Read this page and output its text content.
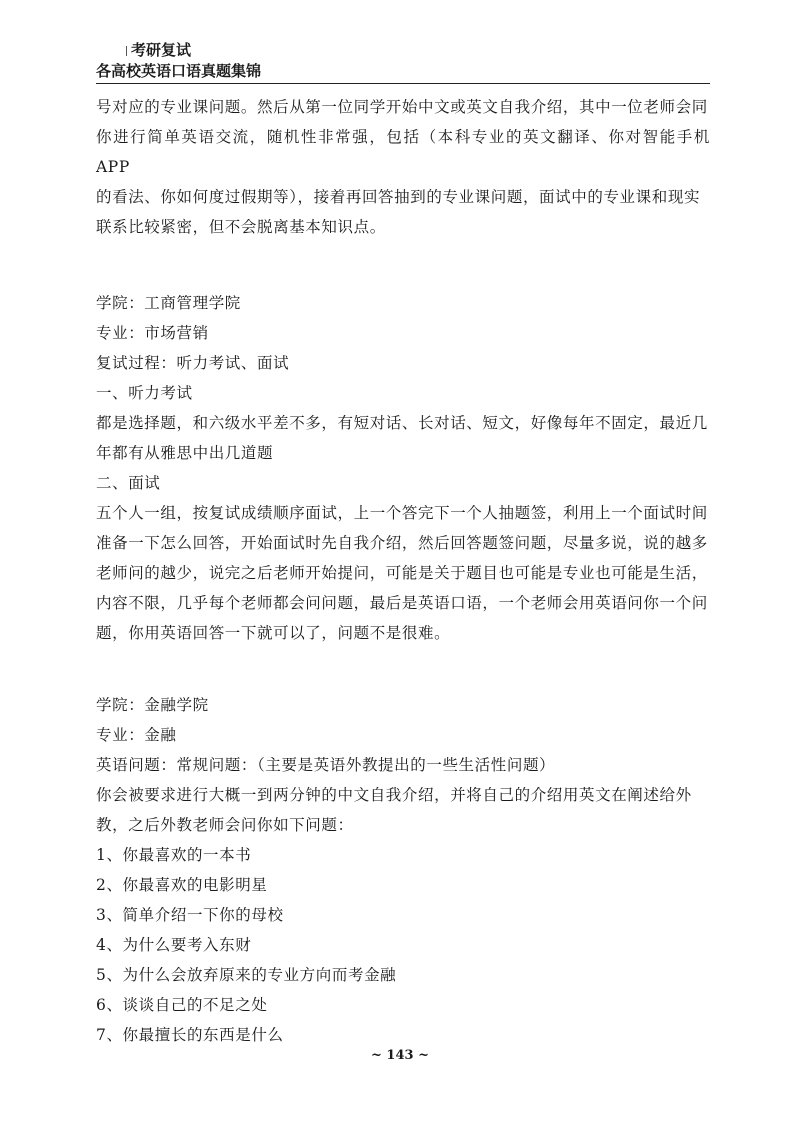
考研复试
各高校英语口语真题集锦

号对应的专业课问题。然后从第一位同学开始中文或英文自我介绍，其中一位老师会同

你进行简单英语交流，随机性非常强，包括（本科专业的英文翻译、你对智能手机 APP

的看法、你如何度过假期等），接着再回答抽到的专业课问题，面试中的专业课和现实

联系比较紧密，但不会脱离基本知识点。

学院：工商管理学院

专业：市场营销

复试过程：听力考试、面试

一、听力考试

都是选择题，和六级水平差不多，有短对话、长对话、短文，好像每年不固定，最近几

年都有从雅思中出几道题

二、面试

五个人一组，按复试成绩顺序面试，上一个答完下一个人抽题签，利用上一个面试时间

准备一下怎么回答，开始面试时先自我介绍，然后回答题签问题，尽量多说，说的越多

老师问的越少，说完之后老师开始提问，可能是关于题目也可能是专业也可能是生活，

内容不限，几乎每个老师都会问问题，最后是英语口语，一个老师会用英语问你一个问

题，你用英语回答一下就可以了，问题不是很难。

学院：金融学院

专业：金融

英语问题：常规问题：（主要是英语外教提出的一些生活性问题）

你会被要求进行大概一到两分钟的中文自我介绍，并将自己的介绍用英文在阐述给外

教，之后外教老师会问你如下问题：

1、你最喜欢的一本书

2、你最喜欢的电影明星

3、简单介绍一下你的母校

4、为什么要考入东财

5、为什么会放弃原来的专业方向而考金融

6、谈谈自己的不足之处

7、你最擅长的东西是什么

~ 143 ~
